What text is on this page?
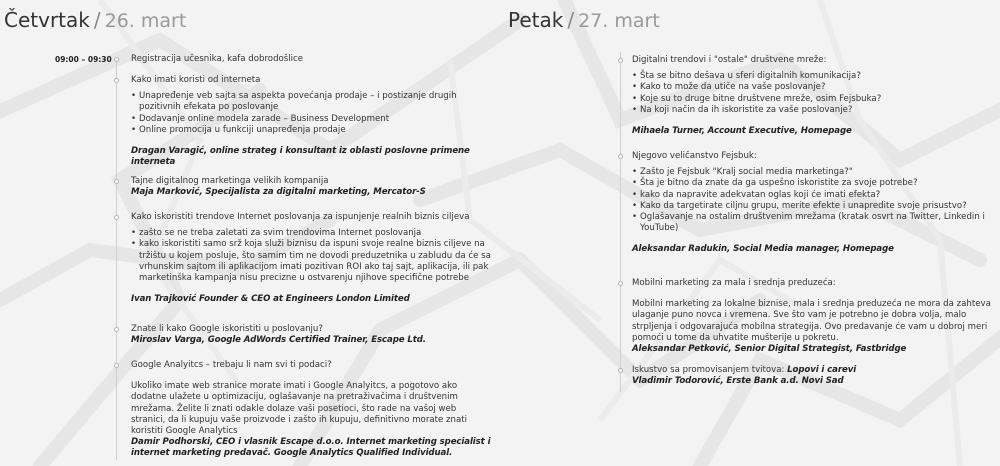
Četvrtak / 26. mart
09:00 – 09:30 Registracija učesnika, kafa dobrodošlice
Kako imati koristi od interneta
• Unapređenje veb sajta sa aspekta povećanja prodaje – i postizanje drugih pozitivnih efekata po poslovanje
• Dodavanje online modela zarade – Business Development
• Online promocija u funkciji unapređenja prodaje
Dragan Varagić, online strateg i konsultant iz oblasti poslovne primene interneta
Tajne digitalnog marketinga velikih kompanija
Maja Marković, Specijalista za digitalni marketing, Mercator-S
Kako iskoristiti trendove Internet poslovanja za ispunjenje realnih biznis ciljeva
• zašto se ne treba zaletati za svim trendovima Internet poslovanja
• kako iskoristiti samo srž koja služi biznisu da ispuni svoje realne biznis ciljeve na tržištu u kojem posluje, što samim tim ne dovodi preduzetnika u zabludu da će sa vrhunskim sajtom ili aplikacijom imati pozitivan ROI ako taj sajt, aplikacija, ili pak marketinška kampanja nisu precizne u ostvarenju njihove specifične potrebe
Ivan Trajković Founder & CEO at Engineers London Limited
Znate li kako Google iskoristiti u poslovanju?
Miroslav Varga, Google AdWords Certified Trainer, Escape Ltd.
Google Analyitcs – trebaju li nam svi ti podaci?
Ukoliko imate web stranice morate imati i Google Analyitcs, a pogotovo ako dodatne ulažete u optimizaciju, oglašavanje na pretraživačima i društvenim mrežama. Želite li znati odakle dolaze vaši posetioci, što rade na vašoj web stranici, da li kupuju vaše proizvode i zašto ih kupuju, definitivno morate znati koristiti Google Analytics
Damir Podhorski, CEO i vlasnik Escape d.o.o. Internet marketing specialist i internet marketing predavač. Google Analytics Qualified Individual.
Petak / 27. mart
Digitalni trendovi i "ostale" društvene mreže:
• Šta se bitno dešava u sferi digitalnih komunikacija?
• Kako to može da utiče na vaše poslovanje?
• Koje su to druge bitne društvene mreže, osim Fejsbuka?
• Na koji način da ih iskoristite za vaše poslovanje?
Mihaela Turner, Account Executive, Homepage
Njegovo veličanstvo Fejsbuk:
• Zašto je Fejsbuk "Kralj social media marketinga?"
• Šta je bitno da znate da ga uspešno iskoristite za svoje potrebe?
• kako da napravite adekvatan oglas koji će imati efekta?
• Kako da targetirate ciljnu grupu, merite efekte i unapredite svoje prisustvo?
• Oglašavanje na ostalim društvenim mrežama (kratak osvrt na Twitter, Linkedin i YouTube)
Aleksandar Radukin, Social Media manager, Homepage
Mobilni marketing za mala i srednja preduzeća:
Mobilni marketing za lokalne biznise, mala i srednja preduzeća ne mora da zahteva ulaganje puno novca i vremena. Sve što vam je potrebno je dobra volja, malo strpljenja i odgovarajuća mobilna strategija. Ovo predavanje će vam u dobroj meri pomoći u tome da uhvatite mušterije u pokretu.
Aleksandar Petković, Senior Digital Strategist, Fastbridge
Iskustvo sa promovisanjem tvitova: Lopovi i carevi
Vladimir Todorović, Erste Bank a.d. Novi Sad
